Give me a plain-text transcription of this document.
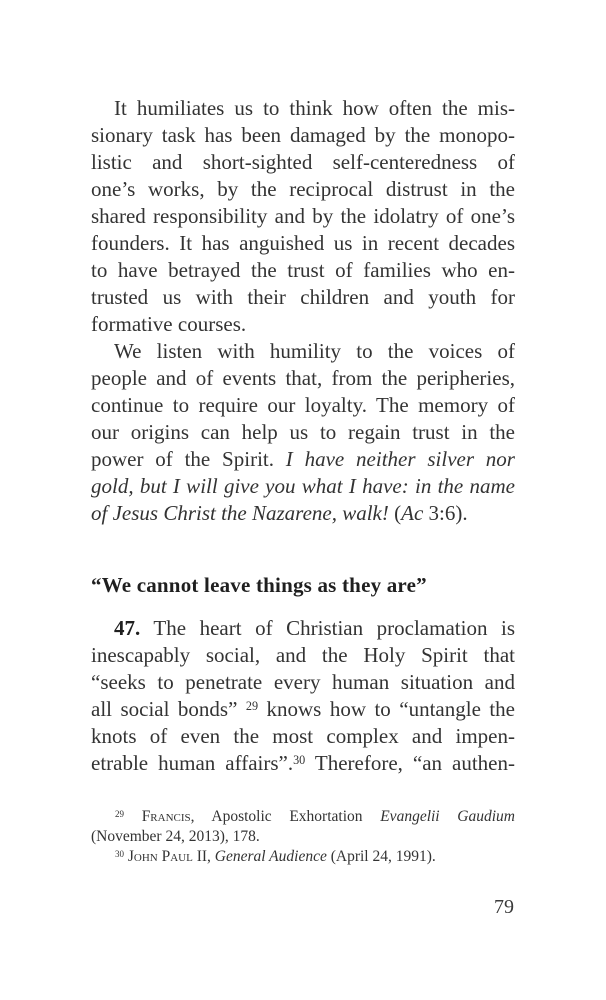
It humiliates us to think how often the mis-
sionary task has been damaged by the monopo-
listic and short-sighted self-centeredness of
one’s works, by the reciprocal distrust in the
shared responsibility and by the idolatry of one’s
founders. It has anguished us in recent decades
to have betrayed the trust of families who en-
trusted us with their children and youth for
formative courses.
We listen with humility to the voices of
people and of events that, from the peripheries,
continue to require our loyalty. The memory of
our origins can help us to regain trust in the
power of the Spirit. I have neither silver nor
gold, but I will give you what I have: in the name
of Jesus Christ the Nazarene, walk! (Ac 3:6).
“We cannot leave things as they are”
47. The heart of Christian proclamation is
inescapably social, and the Holy Spirit that
“seeks to penetrate every human situation and
all social bonds” $^{29}$ knows how to “untangle the
knots of even the most complex and impen-
etrable human affairs”.$^{30}$ Therefore, “an authen-
$^{29}$ Francis, Apostolic Exhortation Evangelii Gaudium
(November 24, 2013), 178.
$^{30}$ John Paul II, General Audience (April 24, 1991).
79
